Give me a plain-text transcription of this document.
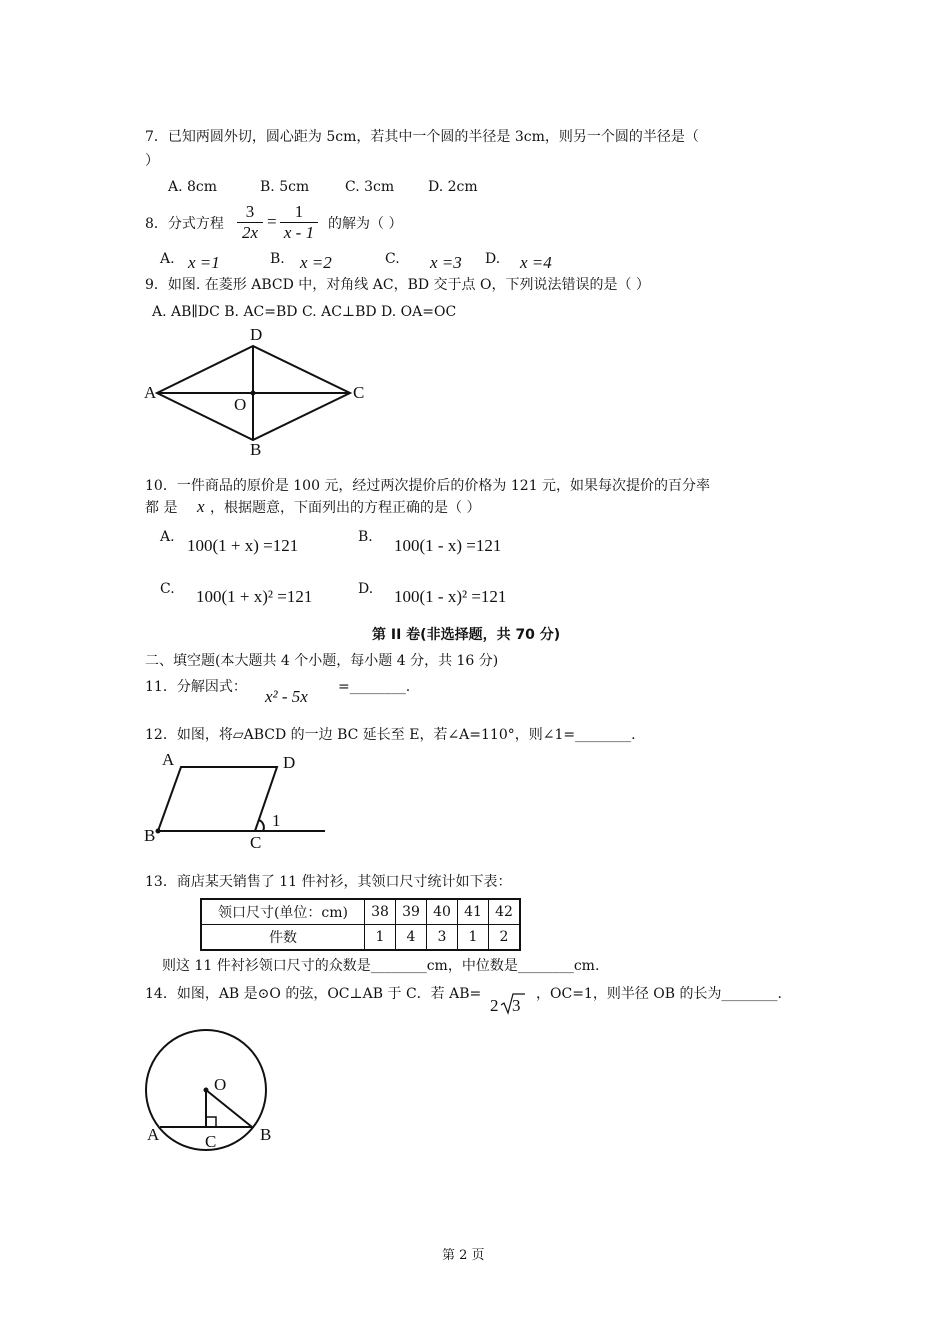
7．已知两圆外切，圆心距为 5cm，若其中一个圆的半径是 3cm，则另一个圆的半径是（
）
A. 8cm	B. 5cm	C. 3cm D. 2cm
8．分式方程 $\frac{3}{2x} = \frac{1}{x - 1}$ 的解为（ ）
A. x =1	B. x =2	C. x =3 D. x =4
9．如图. 在菱形 ABCD 中，对角线 AC，BD 交于点 O，下列说法错误的是（ ）
A. AB∥DC B. AC=BD C. AC⊥BD D. OA=OC
A
D
C
B
O
A	D
B	C
1
O
A	C	B
10．一件商品的原价是 100 元，经过两次提价后的价格为 121 元，如果每次提价的百分率
都 是 x ，根据题意，下面列出的方程正确的是（ ）
A. 100(1 + x) =121	B. 100(1 - x) =121
C. 100(1 + x)² =121	D. 100(1 - x)² =121
第 II 卷(非选择题，共 70 分)
二、填空题(本大题共 4 个小题，每小题 4 分，共 16 分)
11．分解因式： x² - 5x =________.
12．如图，将▱ABCD 的一边 BC 延长至 E，若∠A=110°，则∠1=________.
13．商店某天销售了 11 件衬衫，其领口尺寸统计如下表：
领口尺寸(单位：cm)	38	39	40	41	42
件数	1	4	3	1	2
则这 11 件衬衫领口尺寸的众数是________cm，中位数是________cm.
14．如图，AB 是⊙O 的弦，OC⊥AB 于 C．若 AB=
2 3
，OC=1，则半径 OB 的长为________.
第 2 页
